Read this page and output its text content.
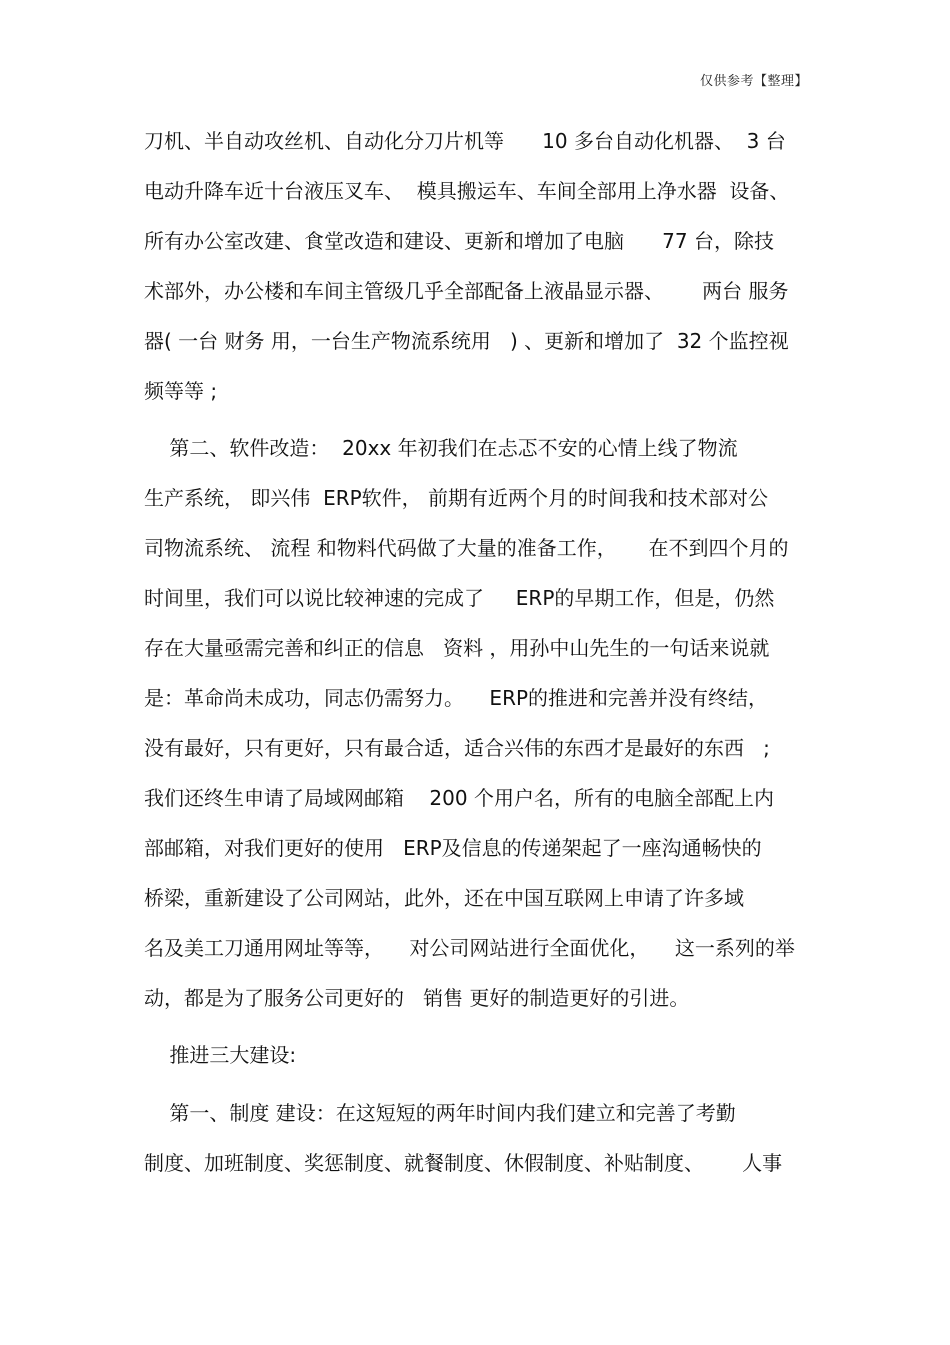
仅供参考【整理】
刀机、半自动攻丝机、自动化分刀片机等      10 多台自动化机器、  3 台
电动升降车近十台液压叉车、  模具搬运车、车间全部用上净水器  设备、
所有办公室改建、食堂改造和建设、更新和增加了电脑      77 台，除技
术部外，办公楼和车间主管级几乎全部配备上液晶显示器、      两台 服务
器( 一台 财务 用，一台生产物流系统用   ) 、更新和增加了  32 个监控视
频等等 ;
第二、软件改造：  20xx 年初我们在忐忑不安的心情上线了物流
生产系统， 即兴伟  ERP软件， 前期有近两个月的时间我和技术部对公
司物流系统、 流程 和物料代码做了大量的准备工作，     在不到四个月的
时间里，我们可以说比较神速的完成了     ERP的早期工作，但是，仍然
存在大量亟需完善和纠正的信息   资料 ，用孙中山先生的一句话来说就
是：革命尚未成功，同志仍需努力。    ERP的推进和完善并没有终结，
没有最好，只有更好，只有最合适，适合兴伟的东西才是最好的东西   ;
我们还终生申请了局域网邮箱    200 个用户名，所有的电脑全部配上内
部邮箱，对我们更好的使用   ERP及信息的传递架起了一座沟通畅快的
桥梁，重新建设了公司网站，此外，还在中国互联网上申请了许多域
名及美工刀通用网址等等，    对公司网站进行全面优化，    这一系列的举
动，都是为了服务公司更好的   销售 更好的制造更好的引进。
推进三大建设:
第一、制度 建设：在这短短的两年时间内我们建立和完善了考勤
制度、加班制度、奖惩制度、就餐制度、休假制度、补贴制度、      人事
